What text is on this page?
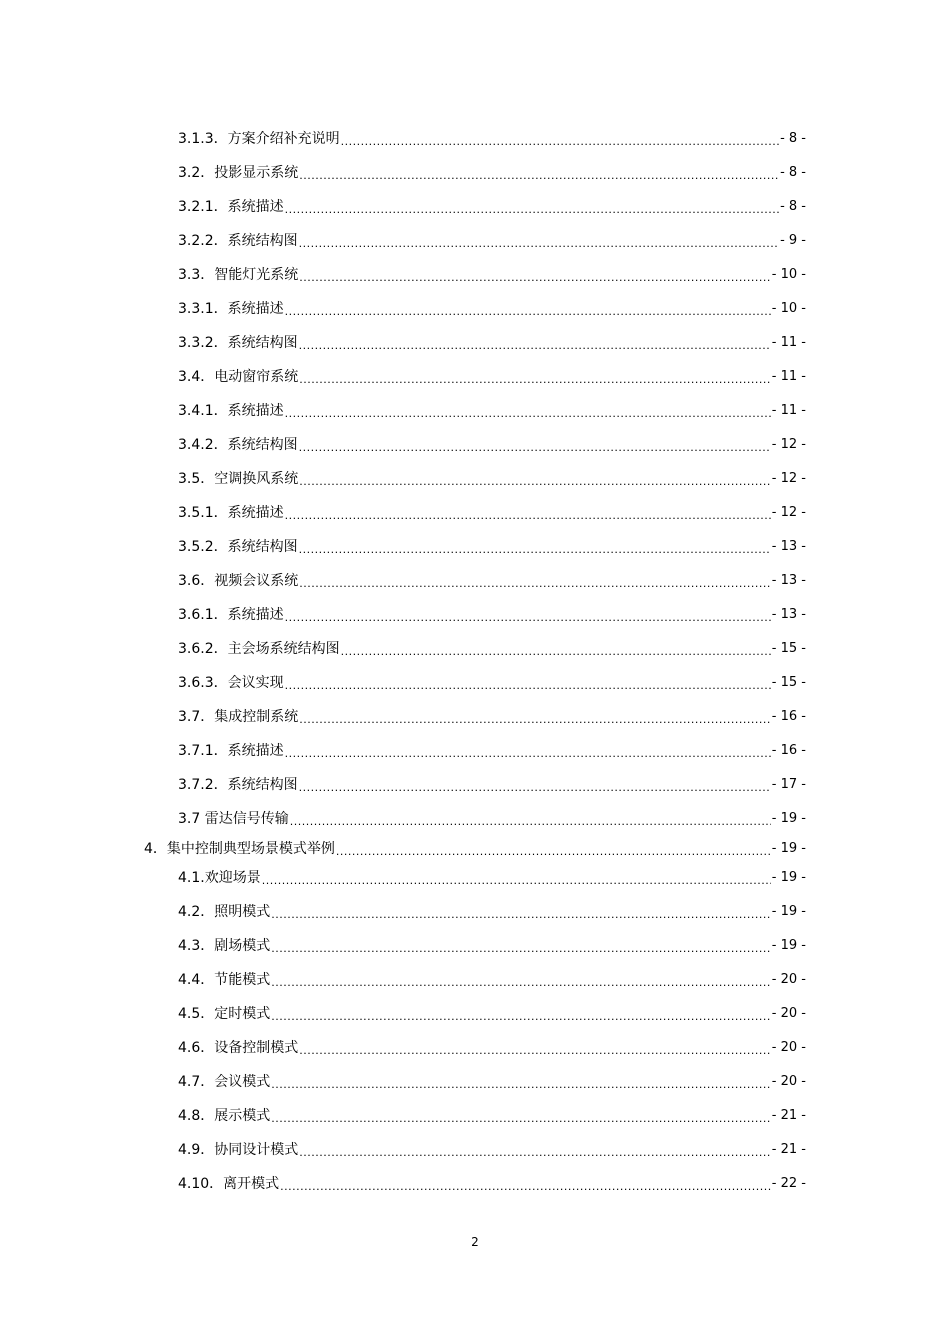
3.1.3．方案介绍补充说明 .....	- 8 -
3.2．投影显示系统 .....	- 8 -
3.2.1．系统描述 .....	- 8 -
3.2.2．系统结构图 .....	- 9 -
3.3．智能灯光系统 .....	- 10 -
3.3.1．系统描述 .....	- 10 -
3.3.2．系统结构图 .....	- 11 -
3.4．电动窗帘系统 .....	- 11 -
3.4.1．系统描述 .....	- 11 -
3.4.2．系统结构图 .....	- 12 -
3.5．空调换风系统 .....	- 12 -
3.5.1．系统描述 .....	- 12 -
3.5.2．系统结构图 .....	- 13 -
3.6．视频会议系统 .....	- 13 -
3.6.1．系统描述 .....	- 13 -
3.6.2．主会场系统结构图 .....	- 15 -
3.6.3．会议实现 .....	- 15 -
3.7．集成控制系统 .....	- 16 -
3.7.1．系统描述 .....	- 16 -
3.7.2．系统结构图 .....	- 17 -
3.7 雷达信号传输 .....	- 19 -
4．集中控制典型场景模式举例 .....	- 19 -
4.1.欢迎场景 .....	- 19 -
4.2．照明模式 .....	- 19 -
4.3．剧场模式 .....	- 19 -
4.4．节能模式 .....	- 20 -
4.5．定时模式 .....	- 20 -
4.6．设备控制模式 .....	- 20 -
4.7．会议模式 .....	- 20 -
4.8．展示模式 .....	- 21 -
4.9．协同设计模式 .....	- 21 -
4.10．离开模式 .....	- 22 -
2
